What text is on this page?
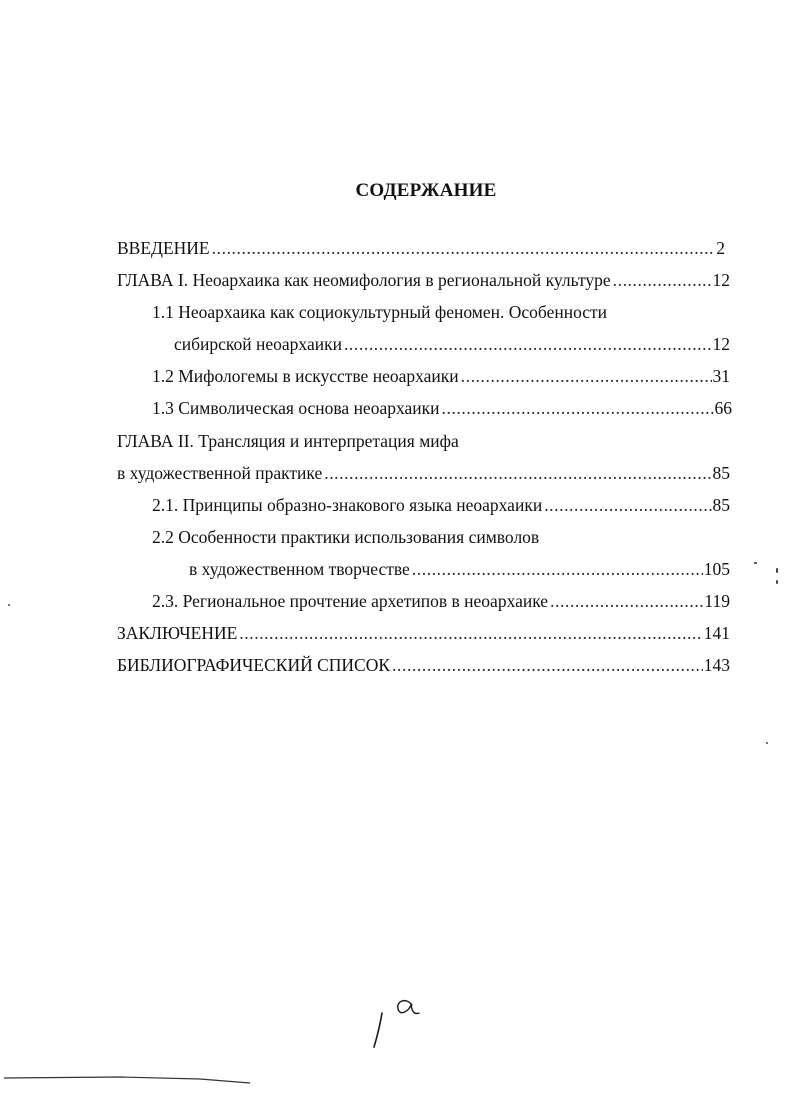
СОДЕРЖАНИЕ
ВВЕДЕНИЕ .....	2
ГЛАВА I. Неоархаика как неомифология в региональной культуре .....	12
1.1 Неоархаика как социокультурный феномен. Особенности
сибирской неоархаики .....	12
1.2 Мифологемы в искусстве неоархаики .....	31
1.3 Символическая основа неоархаики .....	66
ГЛАВА II. Трансляция и интерпретация мифа
в художественной практике .....	85
2.1. Принципы образно-знакового языка неоархаики .....	85
2.2 Особенности практики использования символов
в художественном творчестве .....	105
2.3. Региональное прочтение архетипов в неоархаике .....	119
ЗАКЛЮЧЕНИЕ .....	141
БИБЛИОГРАФИЧЕСКИЙ СПИСОК .....	143
